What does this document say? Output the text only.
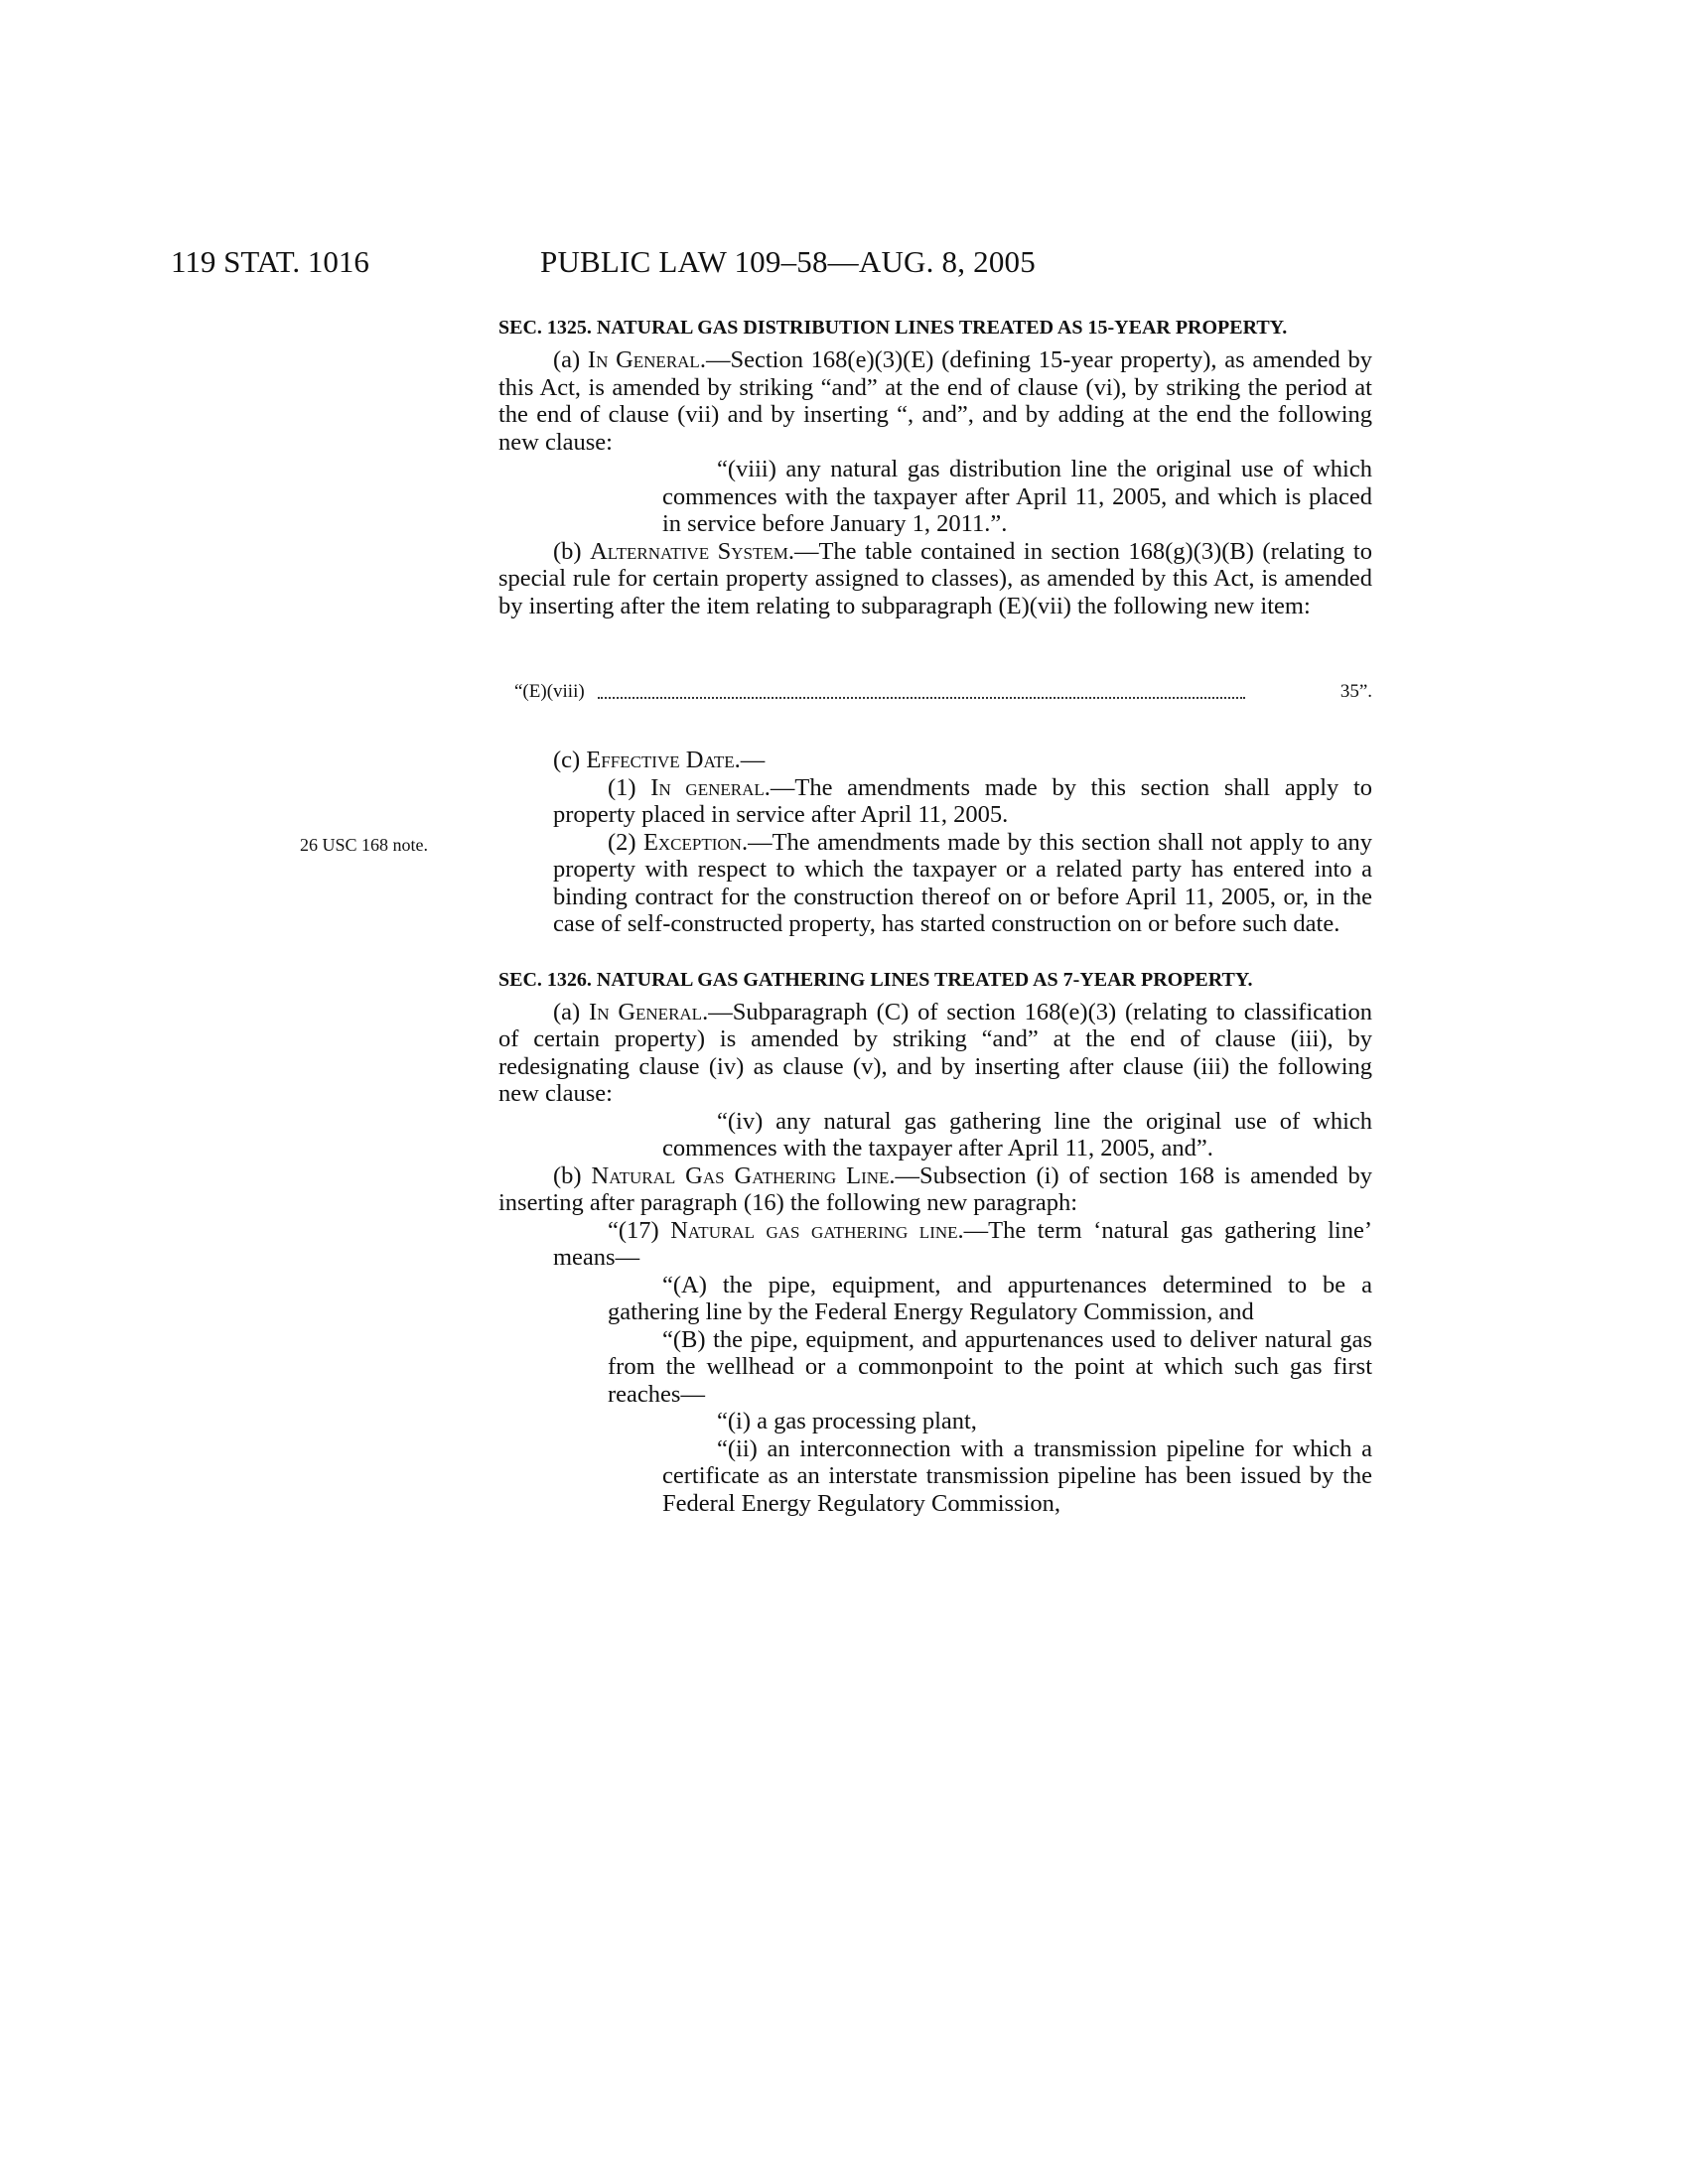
119 STAT. 1016	PUBLIC LAW 109–58—AUG. 8, 2005
26 USC 168 note.
SEC. 1325. NATURAL GAS DISTRIBUTION LINES TREATED AS 15-YEAR PROPERTY.

(a) In General.—Section 168(e)(3)(E) (defining 15-year property), as amended by this Act, is amended by striking “and” at the end of clause (vi), by striking the period at the end of clause (vii) and by inserting “, and”, and by adding at the end the following new clause:

“(viii) any natural gas distribution line the original use of which commences with the taxpayer after April 11, 2005, and which is placed in service before January 1, 2011.”.

(b) Alternative System.—The table contained in section 168(g)(3)(B) (relating to special rule for certain property assigned to classes), as amended by this Act, is amended by inserting after the item relating to subparagraph (E)(vii) the following new item:

“(E)(viii)	35”.

(c) Effective Date.—

(1) In general.—The amendments made by this section shall apply to property placed in service after April 11, 2005.

(2) Exception.—The amendments made by this section shall not apply to any property with respect to which the taxpayer or a related party has entered into a binding contract for the construction thereof on or before April 11, 2005, or, in the case of self-constructed property, has started construction on or before such date.

SEC. 1326. NATURAL GAS GATHERING LINES TREATED AS 7-YEAR PROPERTY.

(a) In General.—Subparagraph (C) of section 168(e)(3) (relating to classification of certain property) is amended by striking “and” at the end of clause (iii), by redesignating clause (iv) as clause (v), and by inserting after clause (iii) the following new clause:

“(iv) any natural gas gathering line the original use of which commences with the taxpayer after April 11, 2005, and”.

(b) Natural Gas Gathering Line.—Subsection (i) of section 168 is amended by inserting after paragraph (16) the following new paragraph:

“(17) Natural gas gathering line.—The term ‘natural gas gathering line’ means—

“(A) the pipe, equipment, and appurtenances determined to be a gathering line by the Federal Energy Regulatory Commission, and

“(B) the pipe, equipment, and appurtenances used to deliver natural gas from the wellhead or a commonpoint to the point at which such gas first reaches—

“(i) a gas processing plant,

“(ii) an interconnection with a transmission pipeline for which a certificate as an interstate transmission pipeline has been issued by the Federal Energy Regulatory Commission,
